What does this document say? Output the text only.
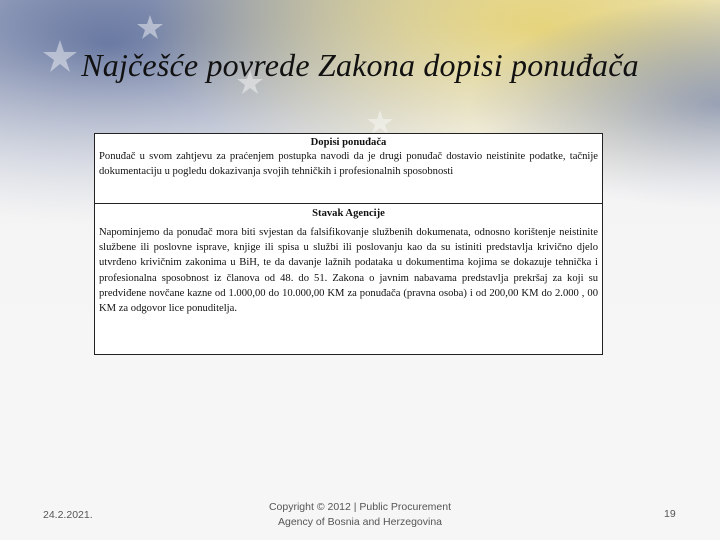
Najčešće povrede Zakona dopisi ponuđača
Dopisi ponuđača
Ponuđač u svom zahtjevu za praćenjem postupka navodi da je drugi ponuđač dostavio neistinite podatke, tačnije dokumentaciju u pogledu dokazivanja svojih tehničkih i profesionalnih sposobnosti
Stavak Agencije
Napominjemo da ponuđač mora biti svjestan da falsifikovanje službenih dokumenata, odnosno korištenje neistinite službene ili poslovne isprave, knjige ili spisa u službi ili poslovanju kao da su istiniti predstavlja krivično djelo utvrđeno krivičnim zakonima u BiH, te da davanje lažnih podataka u dokumentima kojima se dokazuje tehnička i profesionalna sposobnost iz članova od 48. do 51. Zakona o javnim nabavama predstavlja prekršaj za koji su predviđene novčane kazne od 1.000,00 do 10.000,00 KM za ponuđača (pravna osoba) i od 200,00 KM do 2.000 , 00 KM za odgovor lice ponuditelja.
24.2.2021.
Copyright © 2012 | Public Procurement
Agency of Bosnia and Herzegovina
19
